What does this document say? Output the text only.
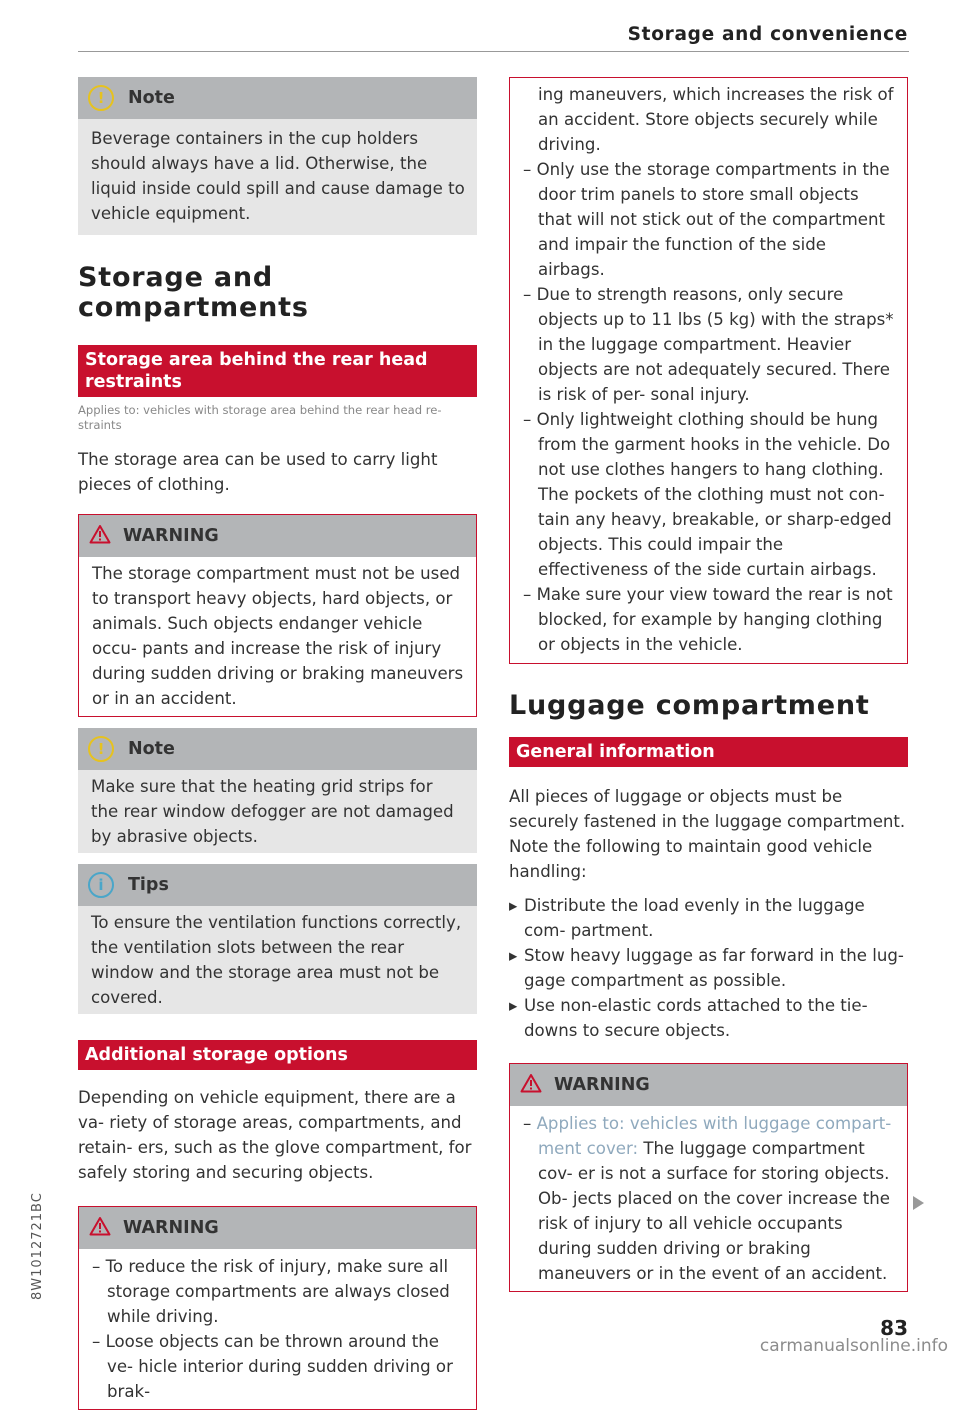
Storage and convenience
!	Note

Beverage containers in the cup holders should always have a lid. Otherwise, the liquid inside could spill and cause damage to vehicle equipment.

Storage and compartments
Storage area behind the rear head restraints

Applies to: vehicles with storage area behind the rear head re- straints

The storage area can be used to carry light pieces of clothing.

WARNING

The storage compartment must not be used to transport heavy objects, hard objects, or animals. Such objects endanger vehicle occu- pants and increase the risk of injury during sudden driving or braking maneuvers or in an accident.

!	Note

Make sure that the heating grid strips for the rear window defogger are not damaged by abrasive objects.

i	Tips

To ensure the ventilation functions correctly, the ventilation slots between the rear window and the storage area must not be covered.

Additional storage options

Depending on vehicle equipment, there are a va- riety of storage areas, compartments, and retain- ers, such as the glove compartment, for safely storing and securing objects.

WARNING
– To reduce the risk of injury, make sure all storage compartments are always closed while driving.
– Loose objects can be thrown around the ve- hicle interior during sudden driving or brak-
ing maneuvers, which increases the risk of an accident. Store objects securely while driving.
– Only use the storage compartments in the door trim panels to store small objects that will not stick out of the compartment and impair the function of the side airbags.
– Due to strength reasons, only secure objects up to 11 lbs (5 kg) with the straps* in the luggage compartment. Heavier objects are not adequately secured. There is risk of per- sonal injury.
– Only lightweight clothing should be hung from the garment hooks in the vehicle. Do not use clothes hangers to hang clothing. The pockets of the clothing must not con- tain any heavy, breakable, or sharp-edged objects. This could impair the effectiveness of the side curtain airbags.
– Make sure your view toward the rear is not blocked, for example by hanging clothing or objects in the vehicle.
Luggage compartment
General information

All pieces of luggage or objects must be securely fastened in the luggage compartment. Note the following to maintain good vehicle handling:

▸ Distribute the load evenly in the luggage com- partment.
▸ Stow heavy luggage as far forward in the lug- gage compartment as possible.
▸ Use non-elastic cords attached to the tie-downs to secure objects.
WARNING

– Applies to: vehicles with luggage compart- ment cover: The luggage compartment cov- er is not a surface for storing objects. Ob- jects placed on the cover increase the risk of injury to all vehicle occupants during sudden driving or braking maneuvers or in the event of an accident.

8W1012721BC
83
carmanualsonline.info
